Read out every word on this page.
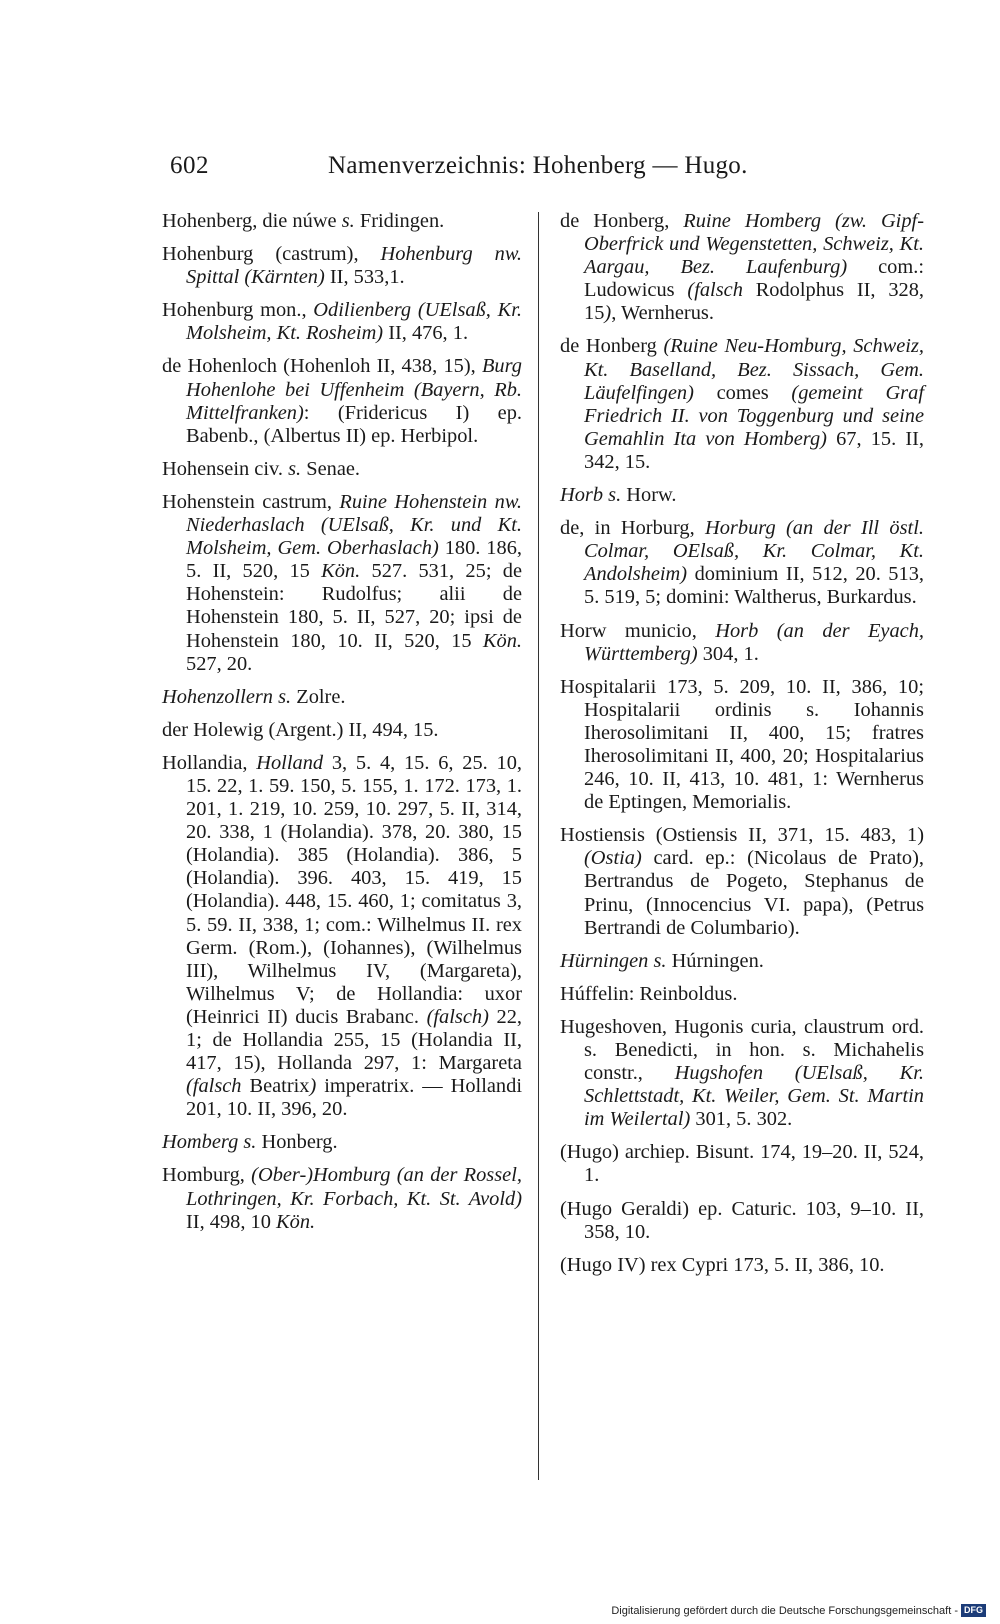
602	Namenverzeichnis: Hohenberg — Hugo.
Hohenberg, die núwe s. Fridingen.
Hohenburg (castrum), Hohenburg nw. Spittal (Kärnten) II, 533,1.
Hohenburg mon., Odilienberg (UElsaß, Kr. Molsheim, Kt. Rosheim) II, 476, 1.
de Hohenloch (Hohenloh II, 438, 15), Burg Hohenlohe bei Uffenheim (Bayern, Rb. Mittelfranken): (Fridericus I) ep. Babenb., (Albertus II) ep. Herbipol.
Hohensein civ. s. Senae.
Hohenstein castrum, Ruine Hohenstein nw. Niederhaslach (UElsaß, Kr. und Kt. Molsheim, Gem. Oberhaslach) 180. 186, 5. II, 520, 15 Kön. 527. 531, 25; de Hohenstein: Rudolfus; alii de Hohenstein 180, 5. II, 527, 20; ipsi de Hohenstein 180, 10. II, 520, 15 Kön. 527, 20.
Hohenzollern s. Zolre.
der Holewig (Argent.) II, 494, 15.
Hollandia, Holland 3, 5. 4, 15. 6, 25. 10, 15. 22, 1. 59. 150, 5. 155, 1. 172. 173, 1. 201, 1. 219, 10. 259, 10. 297, 5. II, 314, 20. 338, 1 (Holandia). 378, 20. 380, 15 (Holandia). 385 (Holandia). 386, 5 (Holandia). 396. 403, 15. 419, 15 (Holandia). 448, 15. 460, 1; comitatus 3, 5. 59. II, 338, 1; com.: Wilhelmus II. rex Germ. (Rom.), (Iohannes), (Wilhelmus III), Wilhelmus IV, (Margareta), Wilhelmus V; de Hollandia: uxor (Heinrici II) ducis Brabanc. (falsch) 22, 1; de Hollandia 255, 15 (Holandia II, 417, 15), Hollanda 297, 1: Margareta (falsch Beatrix) imperatrix. — Hollandi 201, 10. II, 396, 20.
Homberg s. Honberg.
Homburg, (Ober-)Homburg (an der Rossel, Lothringen, Kr. Forbach, Kt. St. Avold) II, 498, 10 Kön.
de Honberg, Ruine Homberg (zw. Gipf-Oberfrick und Wegenstetten, Schweiz, Kt. Aargau, Bez. Laufenburg) com.: Ludowicus (falsch Rodolphus II, 328, 15), Wernherus.
de Honberg (Ruine Neu-Homburg, Schweiz, Kt. Baselland, Bez. Sissach, Gem. Läufelfingen) comes (gemeint Graf Friedrich II. von Toggenburg und seine Gemahlin Ita von Homberg) 67, 15. II, 342, 15.
Horb s. Horw.
de, in Horburg, Horburg (an der Ill östl. Colmar, OElsaß, Kr. Colmar, Kt. Andolsheim) dominium II, 512, 20. 513, 5. 519, 5; domini: Waltherus, Burkardus.
Horw municio, Horb (an der Eyach, Württemberg) 304, 1.
Hospitalarii 173, 5. 209, 10. II, 386, 10; Hospitalarii ordinis s. Iohannis Iherosolimitani II, 400, 15; fratres Iherosolimitani II, 400, 20; Hospitalarius 246, 10. II, 413, 10. 481, 1: Wernherus de Eptingen, Memorialis.
Hostiensis (Ostiensis II, 371, 15. 483, 1) (Ostia) card. ep.: (Nicolaus de Prato), Bertrandus de Pogeto, Stephanus de Prinu, (Innocencius VI. papa), (Petrus Bertrandi de Columbario).
Hürningen s. Húrningen.
Húffelin: Reinboldus.
Hugeshoven, Hugonis curia, claustrum ord. s. Benedicti, in hon. s. Michahelis constr., Hugshofen (UElsaß, Kr. Schlettstadt, Kt. Weiler, Gem. St. Martin im Weilertal) 301, 5. 302.
(Hugo) archiep. Bisunt. 174, 19–20. II, 524, 1.
(Hugo Geraldi) ep. Caturic. 103, 9–10. II, 358, 10.
(Hugo IV) rex Cypri 173, 5. II, 386, 10.
Digitalisierung gefördert durch die Deutsche Forschungsgemeinschaft - DFG
